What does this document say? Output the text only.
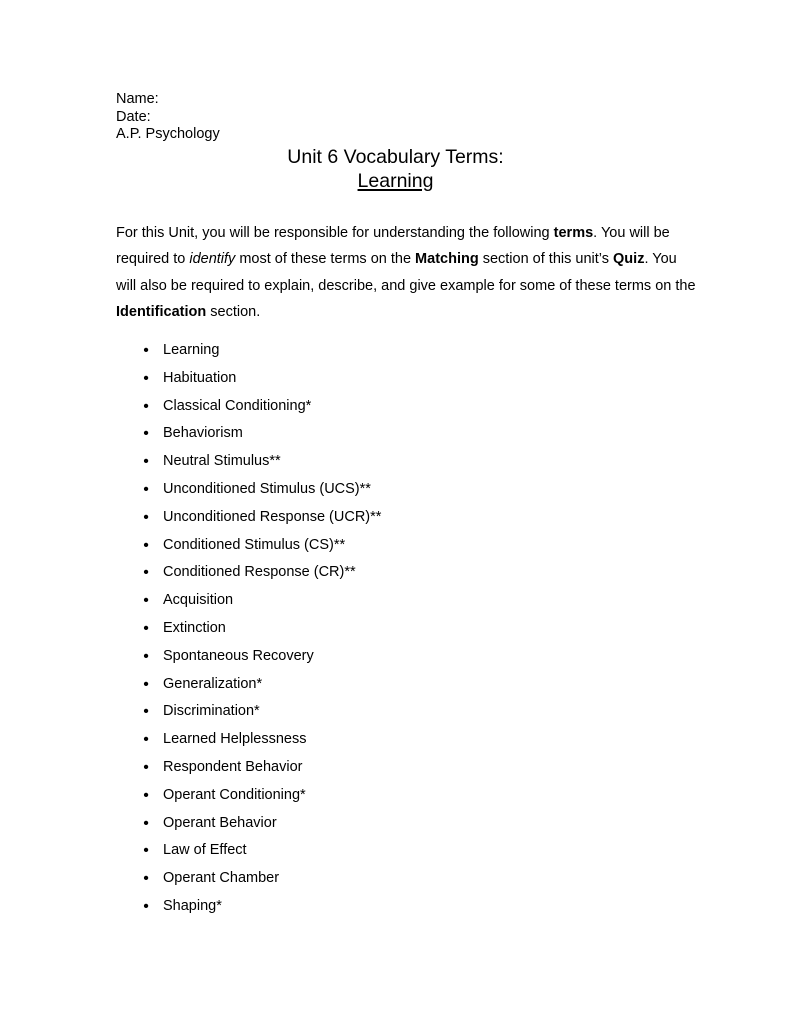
Name:
Date:
A.P. Psychology
Unit 6 Vocabulary Terms:
Learning

For this Unit, you will be responsible for understanding the following terms. You will be required to identify most of these terms on the Matching section of this unit’s Quiz. You will also be required to explain, describe, and give example for some of these terms on the Identification section.

• Learning
• Habituation
• Classical Conditioning*
• Behaviorism
• Neutral Stimulus**
• Unconditioned Stimulus (UCS)**
• Unconditioned Response (UCR)**
• Conditioned Stimulus (CS)**
• Conditioned Response (CR)**
• Acquisition
• Extinction
• Spontaneous Recovery
• Generalization*
• Discrimination*
• Learned Helplessness
• Respondent Behavior
• Operant Conditioning*
• Operant Behavior
• Law of Effect
• Operant Chamber
• Shaping*
